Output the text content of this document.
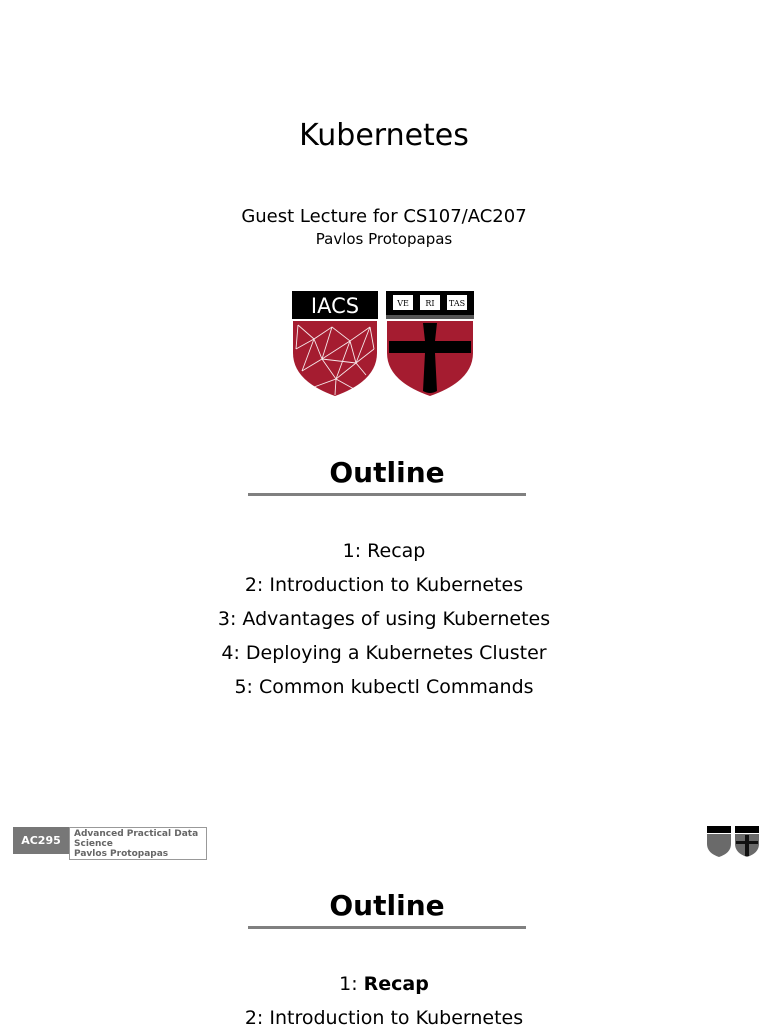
Kubernetes
Guest Lecture for CS107/AC207
Pavlos Protopapas
IACS	VE RI TAS
Outline
1: Recap
2: Introduction to Kubernetes
3: Advantages of using Kubernetes
4: Deploying a Kubernetes Cluster
5: Common kubectl Commands
AC295	Advanced Practical Data
Science
Pavlos Protopapas
Outline
1: Recap
2: Introduction to Kubernetes
